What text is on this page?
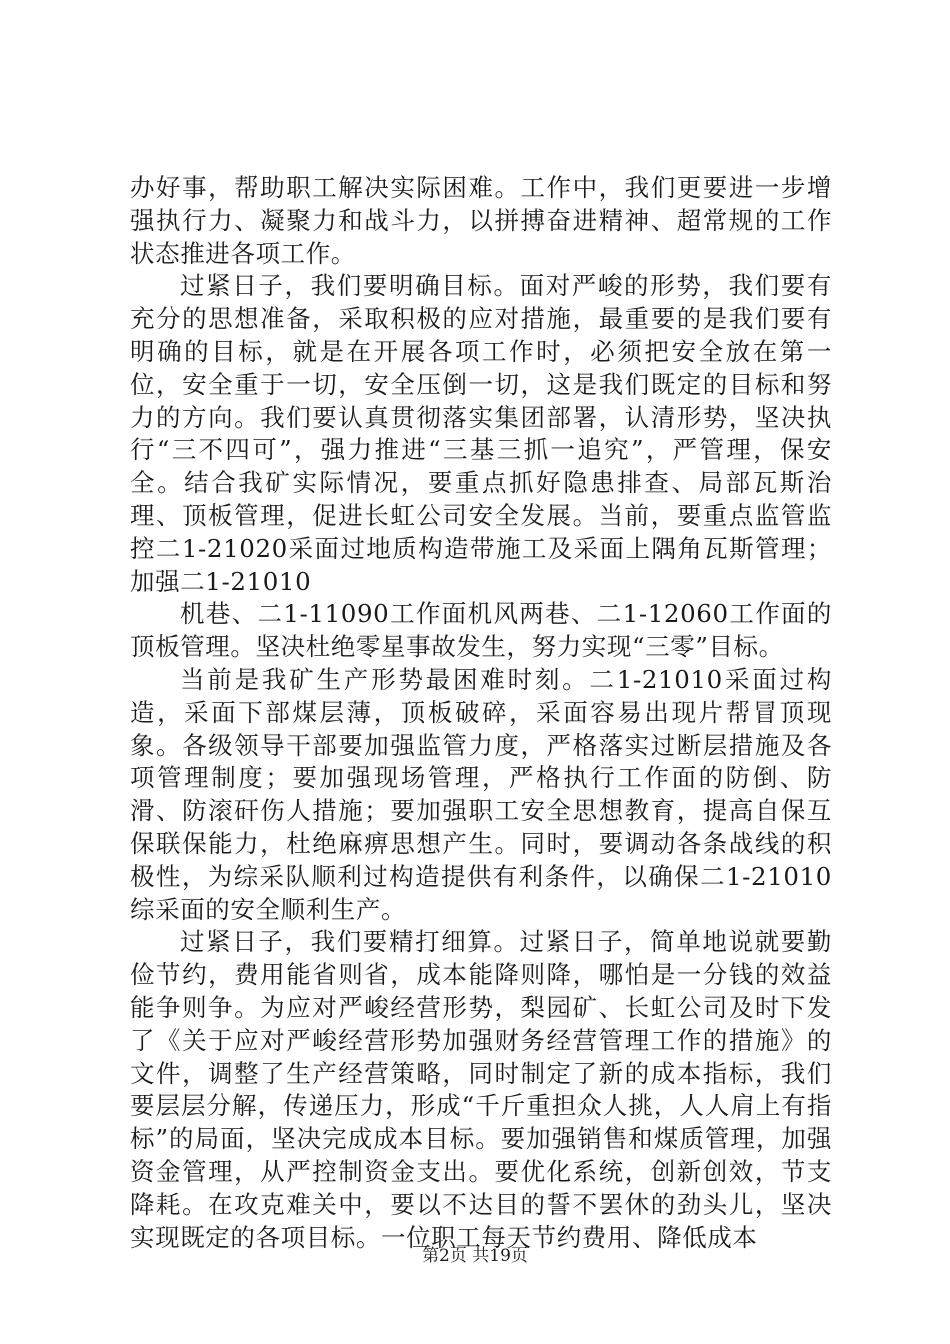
办好事，帮助职工解决实际困难。工作中，我们更要进一步增强执行力、凝聚力和战斗力，以拼搏奋进精神、超常规的工作状态推进各项工作。

过紧日子，我们要明确目标。面对严峻的形势，我们要有充分的思想准备，采取积极的应对措施，最重要的是我们要有明确的目标，就是在开展各项工作时，必须把安全放在第一位，安全重于一切，安全压倒一切，这是我们既定的目标和努力的方向。我们要认真贯彻落实集团部署，认清形势，坚决执行“三不四可”，强力推进“三基三抓一追究”，严管理，保安全。结合我矿实际情况，要重点抓好隐患排查、局部瓦斯治理、顶板管理，促进长虹公司安全发展。当前，要重点监管监控二1-21020采面过地质构造带施工及采面上隅角瓦斯管理；加强二1-21010

机巷、二1-11090工作面机风两巷、二1-12060工作面的顶板管理。坚决杜绝零星事故发生，努力实现“三零”目标。

当前是我矿生产形势最困难时刻。二1-21010采面过构造，采面下部煤层薄，顶板破碎，采面容易出现片帮冒顶现象。各级领导干部要加强监管力度，严格落实过断层措施及各项管理制度；要加强现场管理，严格执行工作面的防倒、防滑、防滚矸伤人措施；要加强职工安全思想教育，提高自保互保联保能力，杜绝麻痹思想产生。同时，要调动各条战线的积极性，为综采队顺利过构造提供有利条件，以确保二1-21010综采面的安全顺利生产。

过紧日子，我们要精打细算。过紧日子，简单地说就要勤俭节约，费用能省则省，成本能降则降，哪怕是一分钱的效益能争则争。为应对严峻经营形势，梨园矿、长虹公司及时下发了《关于应对严峻经营形势加强财务经营管理工作的措施》的文件，调整了生产经营策略，同时制定了新的成本指标，我们要层层分解，传递压力，形成“千斤重担众人挑，人人肩上有指标”的局面，坚决完成成本目标。要加强销售和煤质管理，加强资金管理，从严控制资金支出。要优化系统，创新创效，节支降耗。在攻克难关中，要以不达目的誓不罢休的劲头儿，坚决实现既定的各项目标。一位职工每天节约费用、降低成本

第2页 共19页
